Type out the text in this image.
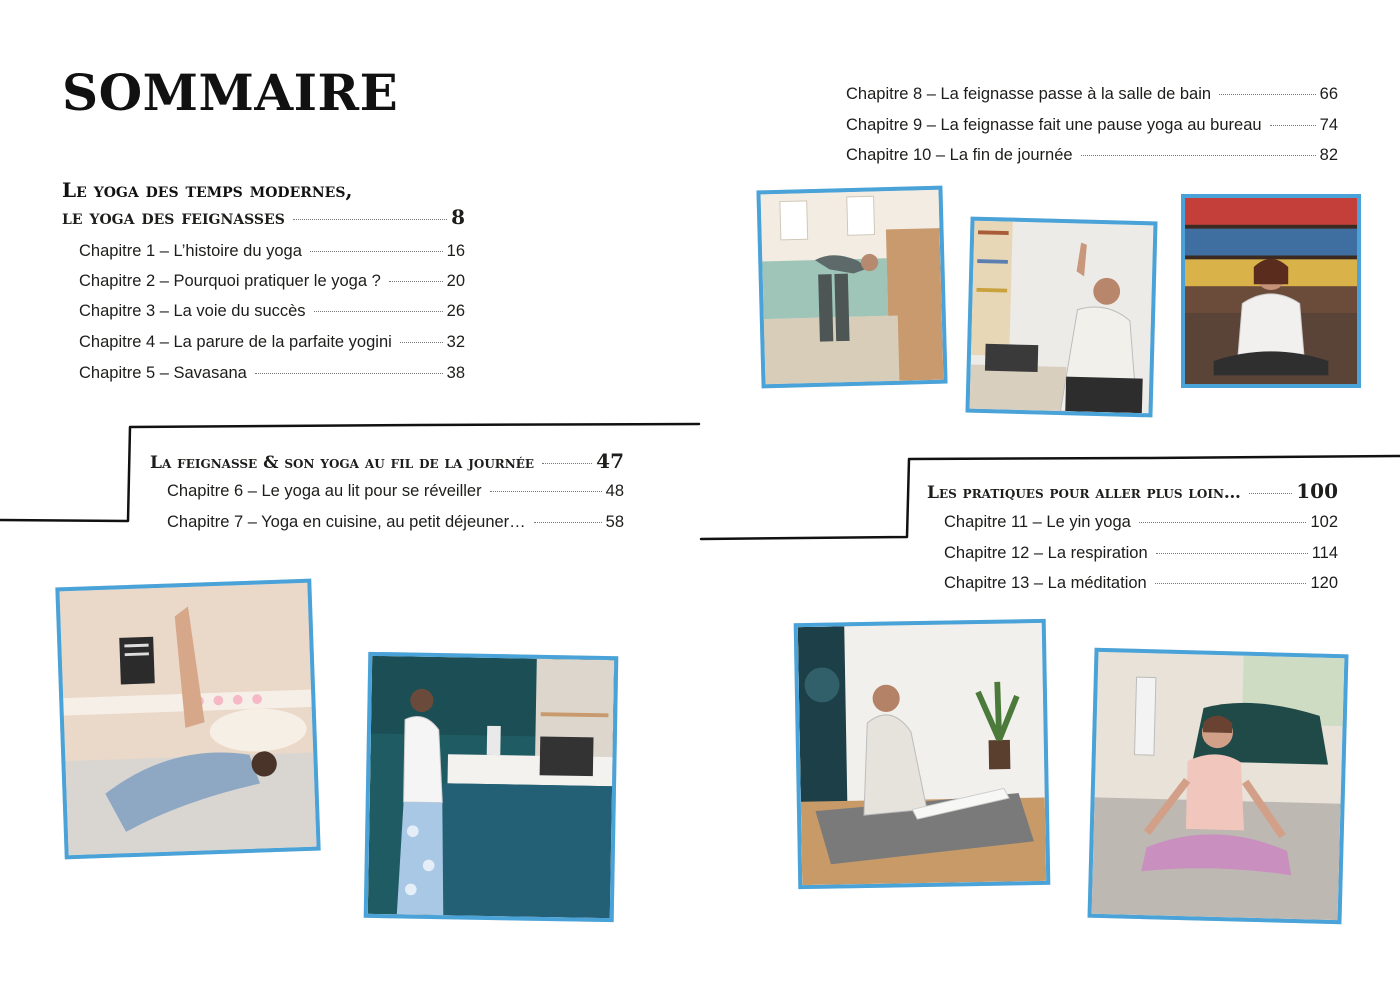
SOMMAIRE
Le yoga des temps modernes,
le yoga des feignasses	8
Chapitre 1 – L’histoire du yoga	16
Chapitre 2 – Pourquoi pratiquer le yoga ?	20
Chapitre 3 – La voie du succès	26
Chapitre 4 – La parure de la parfaite yogini	32
Chapitre 5 – Savasana	38
La feignasse & son yoga au fil de la journée	47
Chapitre 6 – Le yoga au lit pour se réveiller	48
Chapitre 7 – Yoga en cuisine, au petit déjeuner…	58
Chapitre 8 – La feignasse passe à la salle de bain	66
Chapitre 9 – La feignasse fait une pause yoga au bureau	74
Chapitre 10 – La fin de journée	82
Les pratiques pour aller plus loin…	100
Chapitre 11 – Le yin yoga	102
Chapitre 12 – La respiration	114
Chapitre 13 – La méditation	120
